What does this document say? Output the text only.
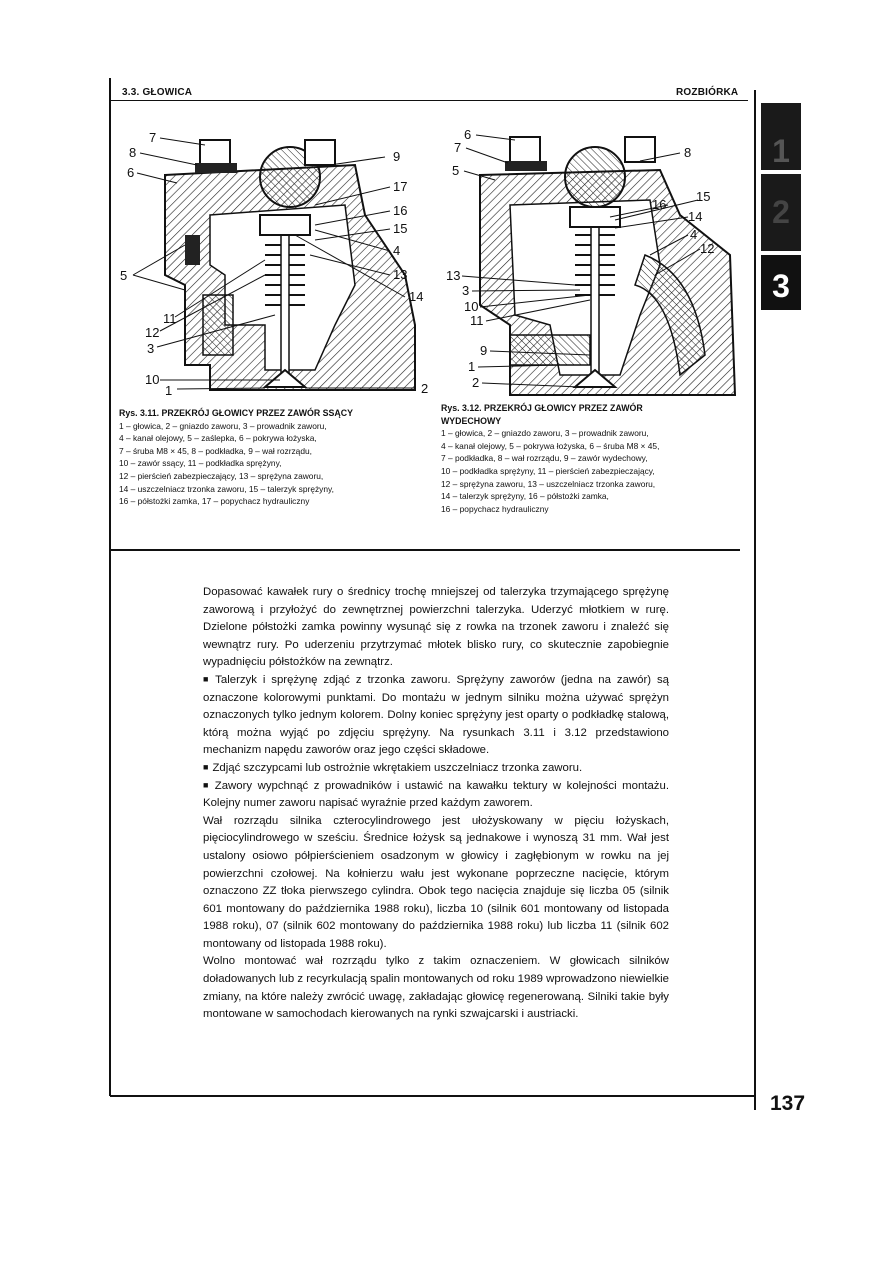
3.3. GŁOWICA	ROZBIÓRKA
1
2
3
7
8
6
5
11
12
3
10
1
9
17
16
15
4
13
14
2
Rys. 3.11. PRZEKRÓJ GŁOWICY PRZEZ ZAWÓR SSĄCY
1 – głowica, 2 – gniazdo zaworu, 3 – prowadnik zaworu,
4 – kanał olejowy, 5 – zaślepka, 6 – pokrywa łożyska,
7 – śruba M8 × 45, 8 – podkładka, 9 – wał rozrządu,
10 – zawór ssący, 11 – podkładka sprężyny,
12 – pierścień zabezpieczający, 13 – sprężyna zaworu,
14 – uszczelniacz trzonka zaworu, 15 – talerzyk sprężyny,
16 – półstożki zamka, 17 – popychacz hydrauliczny
6
7
5
8
16
15
14
4
12
13
3
10
11
9
1
2
Rys. 3.12. PRZEKRÓJ GŁOWICY PRZEZ ZAWÓR WYDECHOWY
1 – głowica, 2 – gniazdo zaworu, 3 – prowadnik zaworu,
4 – kanał olejowy, 5 – pokrywa łożyska, 6 – śruba M8 × 45,
7 – podkładka, 8 – wał rozrządu, 9 – zawór wydechowy,
10 – podkładka sprężyny, 11 – pierścień zabezpieczający,
12 – sprężyna zaworu, 13 – uszczelniacz trzonka zaworu,
14 – talerzyk sprężyny, 16 – półstożki zamka,
16 – popychacz hydrauliczny

Dopasować kawałek rury o średnicy trochę mniejszej od talerzyka trzymającego sprężynę zaworową i przyłożyć do zewnętrznej powierzchni talerzyka. Uderzyć młotkiem w rurę. Dzielone półstożki zamka powinny wysunąć się z rowka na trzonek zaworu i znaleźć się wewnątrz rury. Po uderzeniu przytrzymać młotek blisko rury, co skutecznie zapobiegnie wypadnięciu półstożków na zewnątrz.

■ Talerzyk i sprężynę zdjąć z trzonka zaworu. Sprężyny zaworów (jedna na zawór) są oznaczone kolorowymi punktami. Do montażu w jednym silniku można używać sprężyn oznaczonych tylko jednym kolorem. Dolny koniec sprężyny jest oparty o podkładkę stalową, którą można wyjąć po zdjęciu sprężyny. Na rysunkach 3.11 i 3.12 przedstawiono mechanizm napędu zaworów oraz jego części składowe.

■ Zdjąć szczypcami lub ostrożnie wkrętakiem uszczelniacz trzonka zaworu.

■ Zawory wypchnąć z prowadników i ustawić na kawałku tektury w kolejności montażu. Kolejny numer zaworu napisać wyraźnie przed każdym zaworem.

Wał rozrządu silnika czterocylindrowego jest ułożyskowany w pięciu łożyskach, pięciocylindrowego w sześciu. Średnice łożysk są jednakowe i wynoszą 31 mm. Wał jest ustalony osiowo półpierścieniem osadzonym w głowicy i zagłębionym w rowku na jej powierzchni czołowej. Na kołnierzu wału jest wykonane poprzeczne nacięcie, którym oznaczono ZZ tłoka pierwszego cylindra. Obok tego nacięcia znajduje się liczba 05 (silnik 601 montowany do października 1988 roku), liczba 10 (silnik 601 montowany od listopada 1988 roku), 07 (silnik 602 montowany do października 1988 roku) lub liczba 11 (silnik 602 montowany od listopada 1988 roku).

Wolno montować wał rozrządu tylko z takim oznaczeniem. W głowicach silników doładowanych lub z recyrkulacją spalin montowanych od roku 1989 wprowadzono niewielkie zmiany, na które należy zwrócić uwagę, zakładając głowicę regenerowaną. Silniki takie były montowane w samochodach kierowanych na rynki szwajcarski i austriacki.

137
